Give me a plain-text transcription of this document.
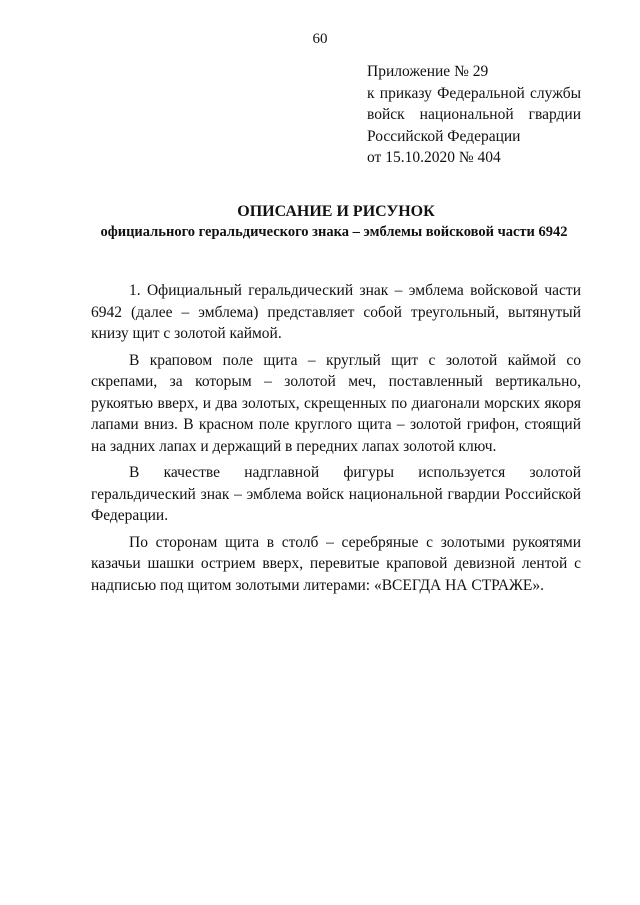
60
Приложение № 29
к приказу Федеральной службы
войск национальной гвардии
Российской Федерации
от 15.10.2020 № 404
ОПИСАНИЕ И РИСУНОК
официального геральдического знака – эмблемы войсковой части 6942

1. Официальный геральдический знак – эмблема войсковой части 6942 (далее – эмблема) представляет собой треугольный, вытянутый книзу щит с золотой каймой.

В краповом поле щита – круглый щит с золотой каймой со скрепами, за которым – золотой меч, поставленный вертикально, рукоятью вверх, и два золотых, скрещенных по диагонали морских якоря лапами вниз. В красном поле круглого щита – золотой грифон, стоящий на задних лапах и держащий в передних лапах золотой ключ.

В качестве надглавной фигуры используется золотой геральдический знак – эмблема войск национальной гвардии Российской Федерации.

По сторонам щита в столб – серебряные с золотыми рукоятями казачьи шашки острием вверх, перевитые краповой девизной лентой с надписью под щитом золотыми литерами: «ВСЕГДА НА СТРАЖЕ».
